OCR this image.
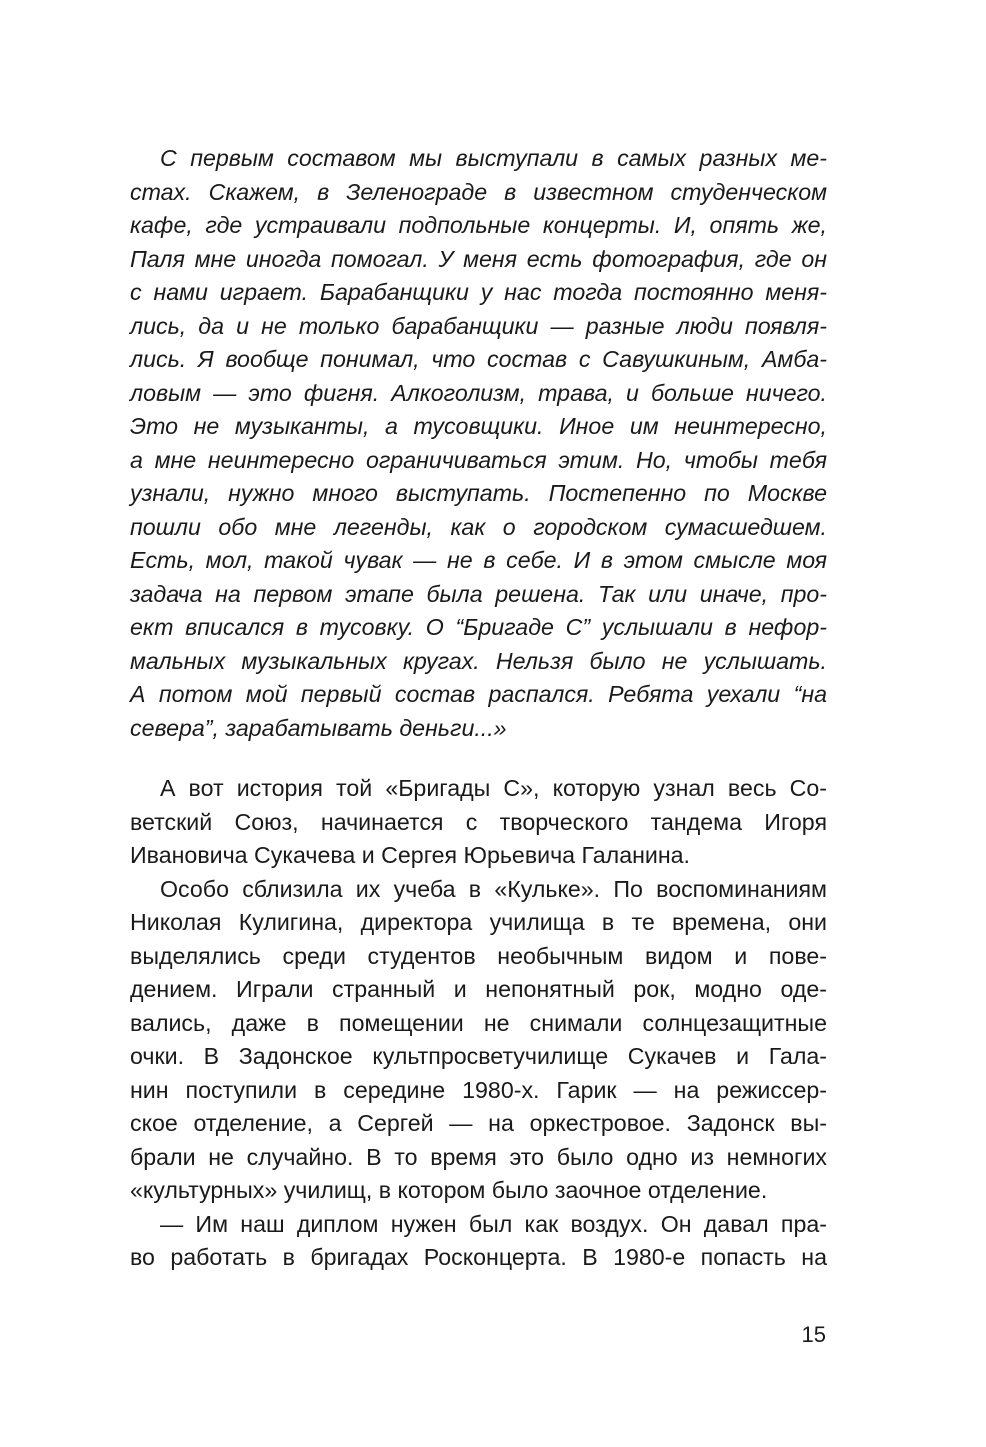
С первым составом мы выступали в самых разных ме-
стах. Скажем, в Зеленограде в известном студенческом
кафе, где устраивали подпольные концерты. И, опять же,
Паля мне иногда помогал. У меня есть фотография, где он
с нами играет. Барабанщики у нас тогда постоянно меня-
лись, да и не только барабанщики — разные люди появля-
лись. Я вообще понимал, что состав с Савушкиным, Амба-
ловым — это фигня. Алкоголизм, трава, и больше ничего.
Это не музыканты, а тусовщики. Иное им неинтересно,
а мне неинтересно ограничиваться этим. Но, чтобы тебя
узнали, нужно много выступать. Постепенно по Москве
пошли обо мне легенды, как о городском сумасшедшем.
Есть, мол, такой чувак — не в себе. И в этом смысле моя
задача на первом этапе была решена. Так или иначе, про-
ект вписался в тусовку. О “Бригаде С” услышали в нефор-
мальных музыкальных кругах. Нельзя было не услышать.
А потом мой первый состав распался. Ребята уехали “на
севера”, зарабатывать деньги...»
А вот история той «Бригады С», которую узнал весь Со-
ветский Союз, начинается с творческого тандема Игоря
Ивановича Сукачева и Сергея Юрьевича Галанина.
Особо сблизила их учеба в «Кульке». По воспоминаниям
Николая Кулигина, директора училища в те времена, они
выделялись среди студентов необычным видом и пове-
дением. Играли странный и непонятный рок, модно оде-
вались, даже в помещении не снимали солнцезащитные
очки. В Задонское культпросветучилище Сукачев и Гала-
нин поступили в середине 1980-х. Гарик — на режиссер-
ское отделение, а Сергей — на оркестровое. Задонск вы-
брали не случайно. В то время это было одно из немногих
«культурных» училищ, в котором было заочное отделение.
— Им наш диплом нужен был как воздух. Он давал пра-
во работать в бригадах Росконцерта. В 1980-е попасть на
15
